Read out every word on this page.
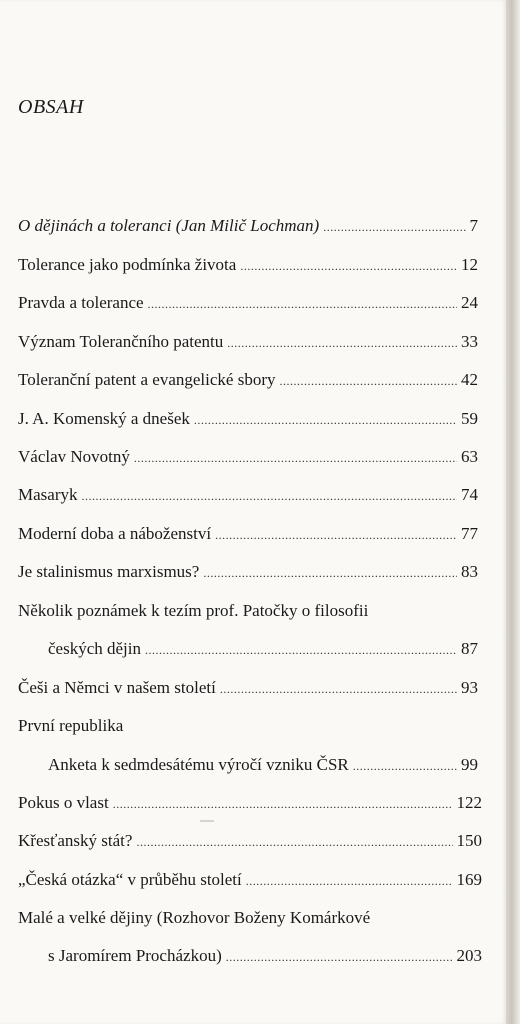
OBSAH
O dějinách a toleranci (Jan Milič Lochman) .....	7
Tolerance jako podmínka života .....	12
Pravda a tolerance .....	24
Význam Tolerančního patentu .....	33
Toleranční patent a evangelické sbory .....	42
J. A. Komenský a dnešek .....	59
Václav Novotný .....	63
Masaryk .....	74
Moderní doba a náboženství .....	77
Je stalinismus marxismus? .....	83
Několik poznámek k tezím prof. Patočky o filosofii
českých dějin .....	87
Češi a Němci v našem století .....	93
První republika
Anketa k sedmdesátému výročí vzniku ČSR .....	99
Pokus o vlast .....	122
Křesťanský stát? .....	150
„Česká otázka“ v průběhu století .....	169
Malé a velké dějiny (Rozhovor Boženy Komárkové
s Jaromírem Procházkou) .....	203
